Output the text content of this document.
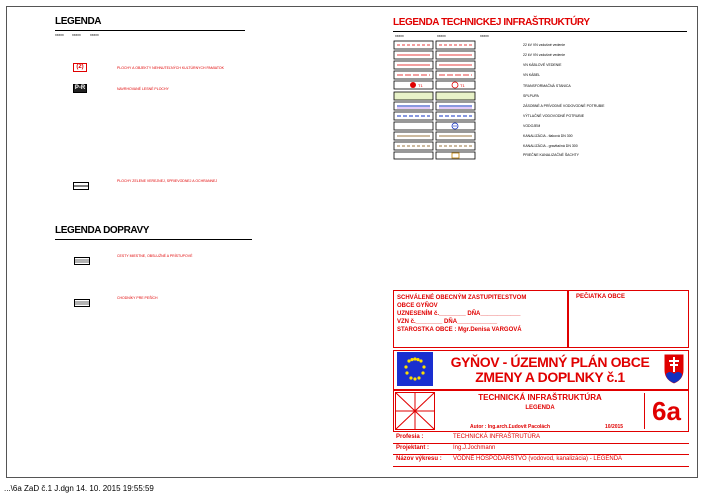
LEGENDA
xxxxx xxxxx	xxxxx
(2)	PLOCHY A OBJEKTY NEHNUTEĽNÝCH KULTÚRNYCH PAMIATOK
P-R	NAVRHOVANÉ LESNÉ PLOCHY
PLOCHY ZELENE VEREJNEJ, SPRIEVODNEJ A OCHRANNEJ
LEGENDA DOPRAVY
CESTY MIESTNE, OBSLUŽNÉ A PRÍSTUPOVÉ
CHODNÍKY PRE PEŠÍCH
LEGENDA TECHNICKEJ INFRAŠTRUKTÚRY
xxxxx	xxxxx	xxxxx
T1	T1
22 kV VN vzdušné vedenie
22 kV VN vzdušné vedenie
VN KÁBLOVÉ VEDENIE
VN KÁBEL
TRANSFORMAČNÁ STANICA
SPLPUPA
ZÁSOBNÉ A PRÍVODNÉ VODOVODNÉ POTRUBIE
VÝTLAČNÉ VODOVODNÉ POTRUBIE
VODOJEM
KANALIZÁCIA - tlaková DN 300
KANALIZÁCIA - gravitačná DN 300
PRIEČNE KANALIZAČNÉ ŠACHTY
SCHVÁLENÉ OBECNÝM ZASTUPITEĽSTVOM
OBCE GYŇOV
UZNESENÍM č.________ DŇA____________
VZN č.________ DŇA____________
STAROSTKA OBCE : Mgr.Denisa VARGOVÁ
PEČIATKA OBCE
GYŇOV - ÚZEMNÝ PLÁN OBCE
ZMENY A DOPLNKY č.1
TECHNICKÁ INFRAŠTRUKTÚRA
LEGENDA
Autor : Ing.arch.Ľudovít Pacolách	10/2015
6a
Profesia :	TECHNICKÁ INFRAŠTRUTÚRA
Projektant :	Ing.J.Jochmann
Názov výkresu : VODNÉ HOSPODÁRSTVO (vodovod, kanalizácia) - LEGENDA
...\6a ZaD č.1 J.dgn 14. 10. 2015 19:55:59
